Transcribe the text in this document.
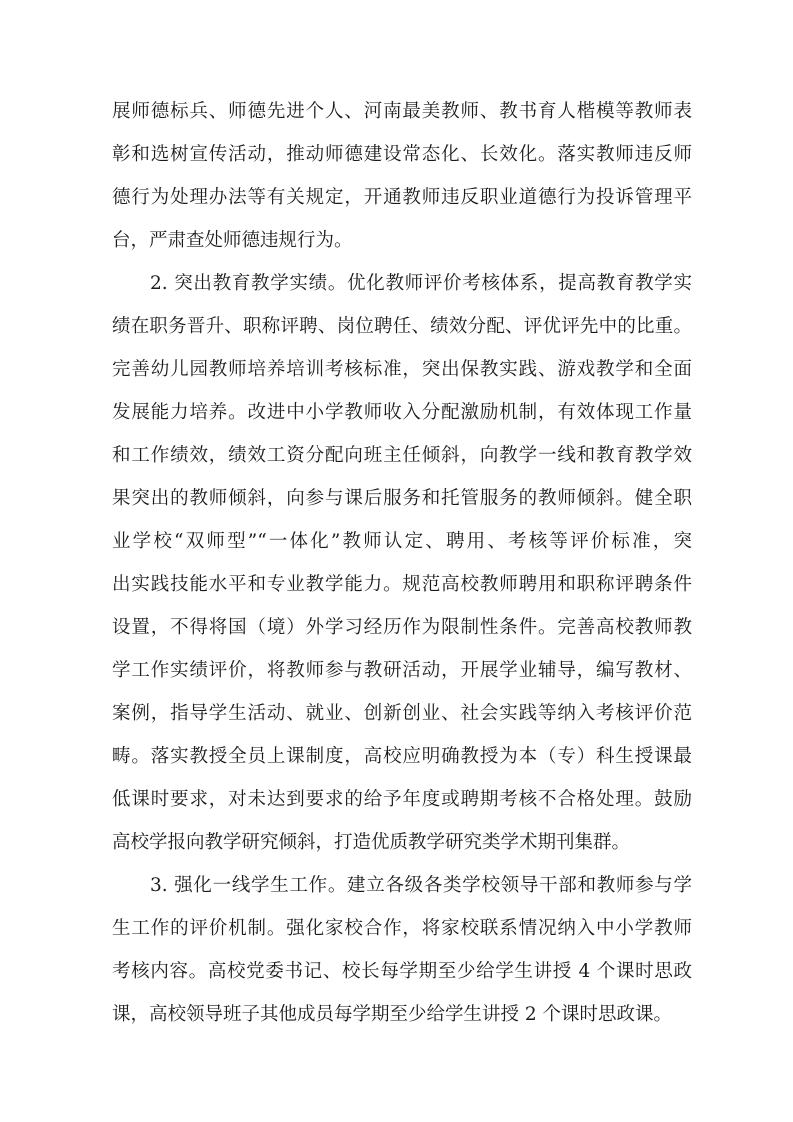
展师德标兵、师德先进个人、河南最美教师、教书育人楷模等教师表
彰和选树宣传活动，推动师德建设常态化、长效化。落实教师违反师
德行为处理办法等有关规定，开通教师违反职业道德行为投诉管理平
台，严肃查处师德违规行为。
2. 突出教育教学实绩。优化教师评价考核体系，提高教育教学实
绩在职务晋升、职称评聘、岗位聘任、绩效分配、评优评先中的比重。
完善幼儿园教师培养培训考核标准，突出保教实践、游戏教学和全面
发展能力培养。改进中小学教师收入分配激励机制，有效体现工作量
和工作绩效，绩效工资分配向班主任倾斜，向教学一线和教育教学效
果突出的教师倾斜，向参与课后服务和托管服务的教师倾斜。健全职
业学校“双师型”“一体化”教师认定、聘用、考核等评价标准，突
出实践技能水平和专业教学能力。规范高校教师聘用和职称评聘条件
设置，不得将国（境）外学习经历作为限制性条件。完善高校教师教
学工作实绩评价，将教师参与教研活动，开展学业辅导，编写教材、
案例，指导学生活动、就业、创新创业、社会实践等纳入考核评价范
畴。落实教授全员上课制度，高校应明确教授为本（专）科生授课最
低课时要求，对未达到要求的给予年度或聘期考核不合格处理。鼓励
高校学报向教学研究倾斜，打造优质教学研究类学术期刊集群。
3. 强化一线学生工作。建立各级各类学校领导干部和教师参与学
生工作的评价机制。强化家校合作，将家校联系情况纳入中小学教师
考核内容。高校党委书记、校长每学期至少给学生讲授 4 个课时思政
课，高校领导班子其他成员每学期至少给学生讲授 2 个课时思政课。
